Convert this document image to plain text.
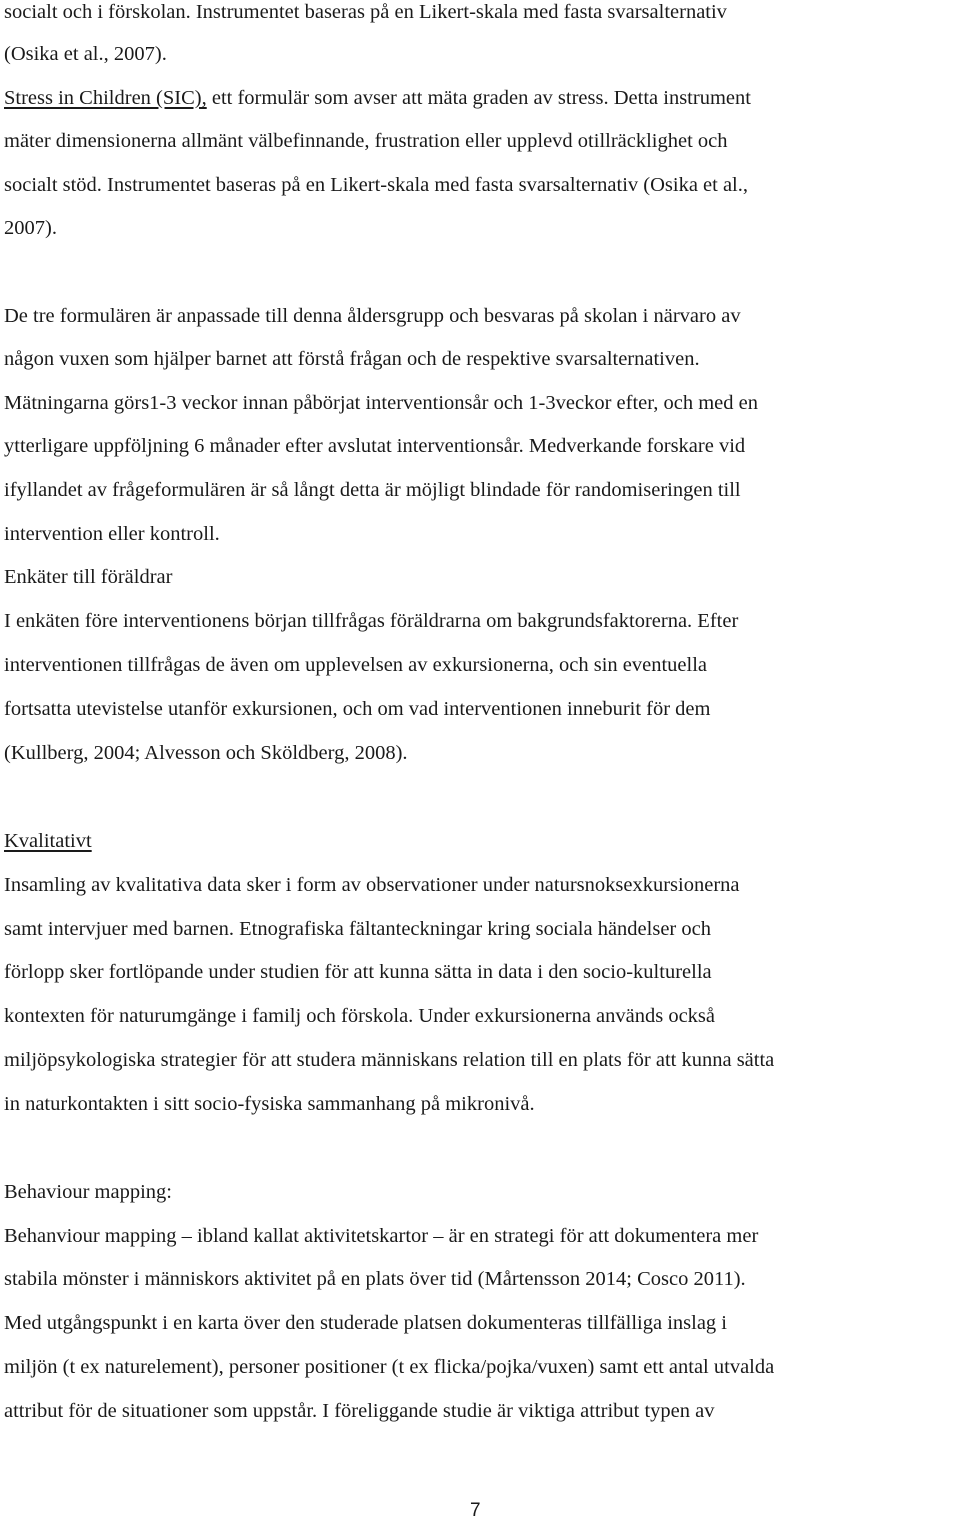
socialt och i förskolan. Instrumentet baseras på en Likert-skala med fasta svarsalternativ

(Osika et al., 2007).

Stress in Children (SIC), ett formulär som avser att mäta graden av stress. Detta instrument

mäter dimensionerna allmänt välbefinnande, frustration eller upplevd otillräcklighet och

socialt stöd. Instrumentet baseras på en Likert-skala med fasta svarsalternativ (Osika et al.,

2007).

De tre formulären är anpassade till denna åldersgrupp och besvaras på skolan i närvaro av

någon vuxen som hjälper barnet att förstå frågan och de respektive svarsalternativen.

Mätningarna görs1-3 veckor innan påbörjat interventionsår och 1-3veckor efter, och med en

ytterligare uppföljning 6 månader efter avslutat interventionsår. Medverkande forskare vid

ifyllandet av frågeformulären är så långt detta är möjligt blindade för randomiseringen till

intervention eller kontroll.

Enkäter till föräldrar

I enkäten före interventionens början tillfrågas föräldrarna om bakgrundsfaktorerna. Efter

interventionen tillfrågas de även om upplevelsen av exkursionerna, och sin eventuella

fortsatta utevistelse utanför exkursionen, och om vad interventionen inneburit för dem

(Kullberg, 2004; Alvesson och Sköldberg, 2008).

Kvalitativt

Insamling av kvalitativa data sker i form av observationer under natursnoksexkursionerna

samt intervjuer med barnen. Etnografiska fältanteckningar kring sociala händelser och

förlopp sker fortlöpande under studien för att kunna sätta in data i den socio-kulturella

kontexten för naturumgänge i familj och förskola. Under exkursionerna används också

miljöpsykologiska strategier för att studera människans relation till en plats för att kunna sätta

in naturkontakten i sitt socio-fysiska sammanhang på mikronivå.

Behaviour mapping:

Behanviour mapping – ibland kallat aktivitetskartor – är en strategi för att dokumentera mer

stabila mönster i människors aktivitet på en plats över tid (Mårtensson 2014; Cosco 2011).

Med utgångspunkt i en karta över den studerade platsen dokumenteras tillfälliga inslag i

miljön (t ex naturelement), personer positioner (t ex flicka/pojka/vuxen) samt ett antal utvalda

attribut för de situationer som uppstår. I föreliggande studie är viktiga attribut typen av

7
